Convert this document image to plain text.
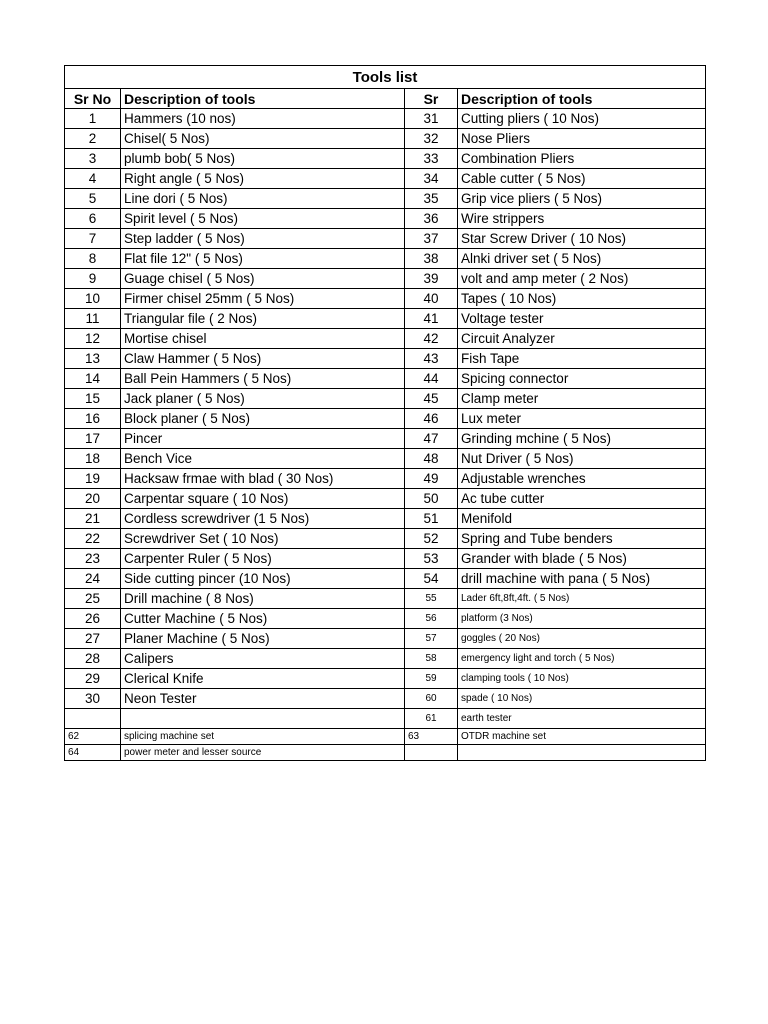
Tools list			
Sr No	Description of tools	Sr	Description of tools
1	Hammers (10 nos)	31	Cutting pliers ( 10 Nos)
2	Chisel( 5 Nos)	32	Nose Pliers
3	plumb bob( 5 Nos)	33	Combination Pliers
4	Right angle ( 5 Nos)	34	Cable cutter ( 5 Nos)
5	Line dori ( 5 Nos)	35	Grip vice pliers ( 5 Nos)
6	Spirit level ( 5 Nos)	36	Wire strippers
7	Step ladder ( 5 Nos)	37	Star Screw Driver ( 10 Nos)
8	Flat file 12" ( 5 Nos)	38	Alnki driver set ( 5 Nos)
9	Guage chisel ( 5 Nos)	39	volt and amp meter ( 2 Nos)
10	Firmer chisel 25mm ( 5 Nos)	40	Tapes ( 10 Nos)
11	Triangular file ( 2 Nos)	41	Voltage tester
12	Mortise chisel	42	Circuit Analyzer
13	Claw Hammer ( 5 Nos)	43	Fish Tape
14	Ball Pein Hammers ( 5 Nos)	44	Spicing connector
15	Jack planer ( 5 Nos)	45	Clamp meter
16	Block planer ( 5 Nos)	46	Lux meter
17	Pincer	47	Grinding mchine ( 5 Nos)
18	Bench Vice	48	Nut Driver ( 5 Nos)
19	Hacksaw frmae with blad ( 30 Nos)	49	Adjustable wrenches
20	Carpentar square ( 10 Nos)	50	Ac tube cutter
21	Cordless screwdriver (1 5 Nos)	51	Menifold
22	Screwdriver Set ( 10 Nos)	52	Spring and Tube benders
23	Carpenter Ruler ( 5 Nos)	53	Grander with blade ( 5 Nos)
24	Side cutting pincer (10 Nos)	54	drill machine with pana ( 5 Nos)
25	Drill machine ( 8 Nos)	55	Lader 6ft,8ft,4ft. ( 5 Nos)
26	Cutter Machine ( 5 Nos)	56	platform (3 Nos)
27	Planer Machine ( 5 Nos)	57	goggles ( 20 Nos)
28	Calipers	58	emergency light and torch ( 5 Nos)
29	Clerical Knife	59	clamping tools ( 10 Nos)
30	Neon Tester	60	spade ( 10 Nos)
		61	earth tester
62	splicing machine set	63	OTDR machine set
64	power meter and lesser source		
